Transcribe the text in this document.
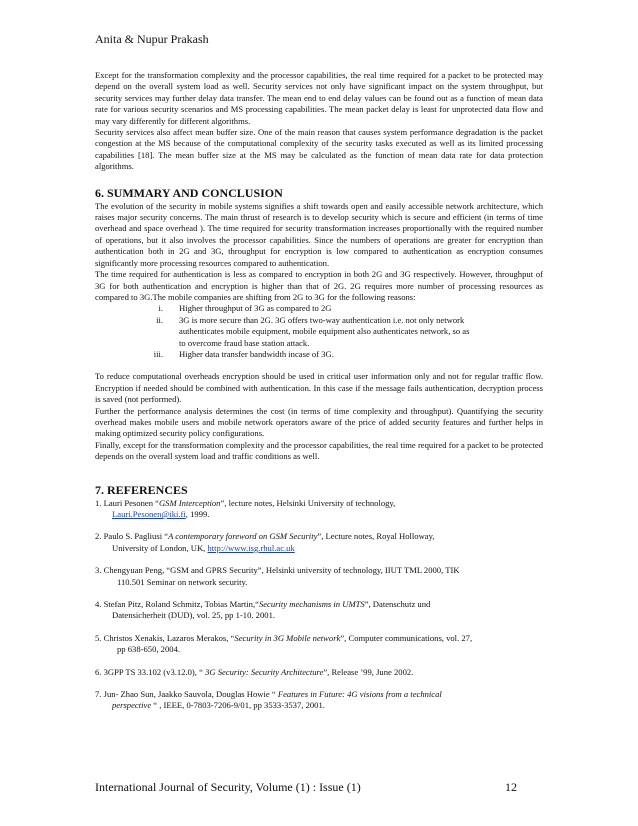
Anita & Nupur Prakash

Except for the transformation complexity and the processor capabilities, the real time required for a packet to be protected may depend on the overall system load as well. Security services not only have significant impact on the system throughput, but security services may further delay data transfer. The mean end to end delay values can be found out as a function of mean data rate for various security scenarios and MS processing capabilities. The mean packet delay is least for unprotected data flow and may vary differently for different algorithms.

Security services also affect mean buffer size. One of the main reason that causes system performance degradation is the packet congestion at the MS because of the computational complexity of the security tasks executed as well as its limited processing capabilities [18]. The mean buffer size at the MS may be calculated as the function of mean data rate for data protection algorithms.

6. SUMMARY AND CONCLUSION

The evolution of the security in mobile systems signifies a shift towards open and easily accessible network architecture, which raises major security concerns. The main thrust of research is to develop security which is secure and efficient (in terms of time overhead and space overhead ). The time required for security transformation increases proportionally with the required number of operations, but it also involves the processor capabilities. Since the numbers of operations are greater for encryption than authentication both in 2G and 3G, throughput for encryption is low compared to authentication as encryption consumes significantly more processing resources compared to authentication.

The time required for authentication is less as compared to encryption in both 2G and 3G respectively. However, throughput of 3G for both authentication and encryption is higher than that of 2G. 2G requires more number of processing resources as compared to 3G.The mobile companies are shifting from 2G to 3G for the following reasons:

i.	Higher throughput of 3G as compared to 2G
ii.	3G is more secure than 2G. 3G offers two-way authentication i.e. not only network authenticates mobile equipment, mobile equipment also authenticates network, so as to overcome fraud base station attack.
iii.	Higher data transfer bandwidth incase of 3G.

To reduce computational overheads encryption should be used in critical user information only and not for regular traffic flow. Encryption if needed should be combined with authentication. In this case if the message fails authentication, decryption process is saved (not performed).

Further the performance analysis determines the cost (in terms of time complexity and throughput). Quantifying the security overhead makes mobile users and mobile network operators aware of the price of added security features and further helps in making optimized security policy configurations.

Finally, except for the transformation complexity and the processor capabilities, the real time required for a packet to be protected depends on the overall system load and traffic conditions as well.

7. REFERENCES
1. Lauri Pesonen “GSM Interception”, lecture notes, Helsinki University of technology,
Lauri.Pesonen@iki.fi, 1999.
2. Paulo S. Pagliusi “A contemporary foreword on GSM Security”, Lecture notes, Royal Holloway,
University of London, UK, http://www.isg.rhul.ac.uk
3. Chengyuan Peng, “GSM and GPRS Security”, Helsinki university of technology, IIUT TML 2000, TIK
110.501 Seminar on network security.
4. Stefan Pitz, Roland Schmitz, Tobias Martin,“Security mechanisms in UMTS”, Datenschutz und
Datensicherheit (DUD), vol. 25, pp 1-10. 2001.
5. Christos Xenakis, Lazaros Merakos, “Security in 3G Mobile network”, Computer communications, vol. 27,
pp 638-650, 2004.
6. 3GPP TS 33.102 (v3.12.0), “ 3G Security: Security Architecture”, Release ’99, June 2002.
7. Jun- Zhao Sun, Jaakko Sauvola, Douglas Howie “ Features in Future: 4G visions from a technical
perspective “ , IEEE, 0-7803-7206-9/01, pp 3533-3537, 2001.
International Journal of Security, Volume (1) : Issue (1)	12
